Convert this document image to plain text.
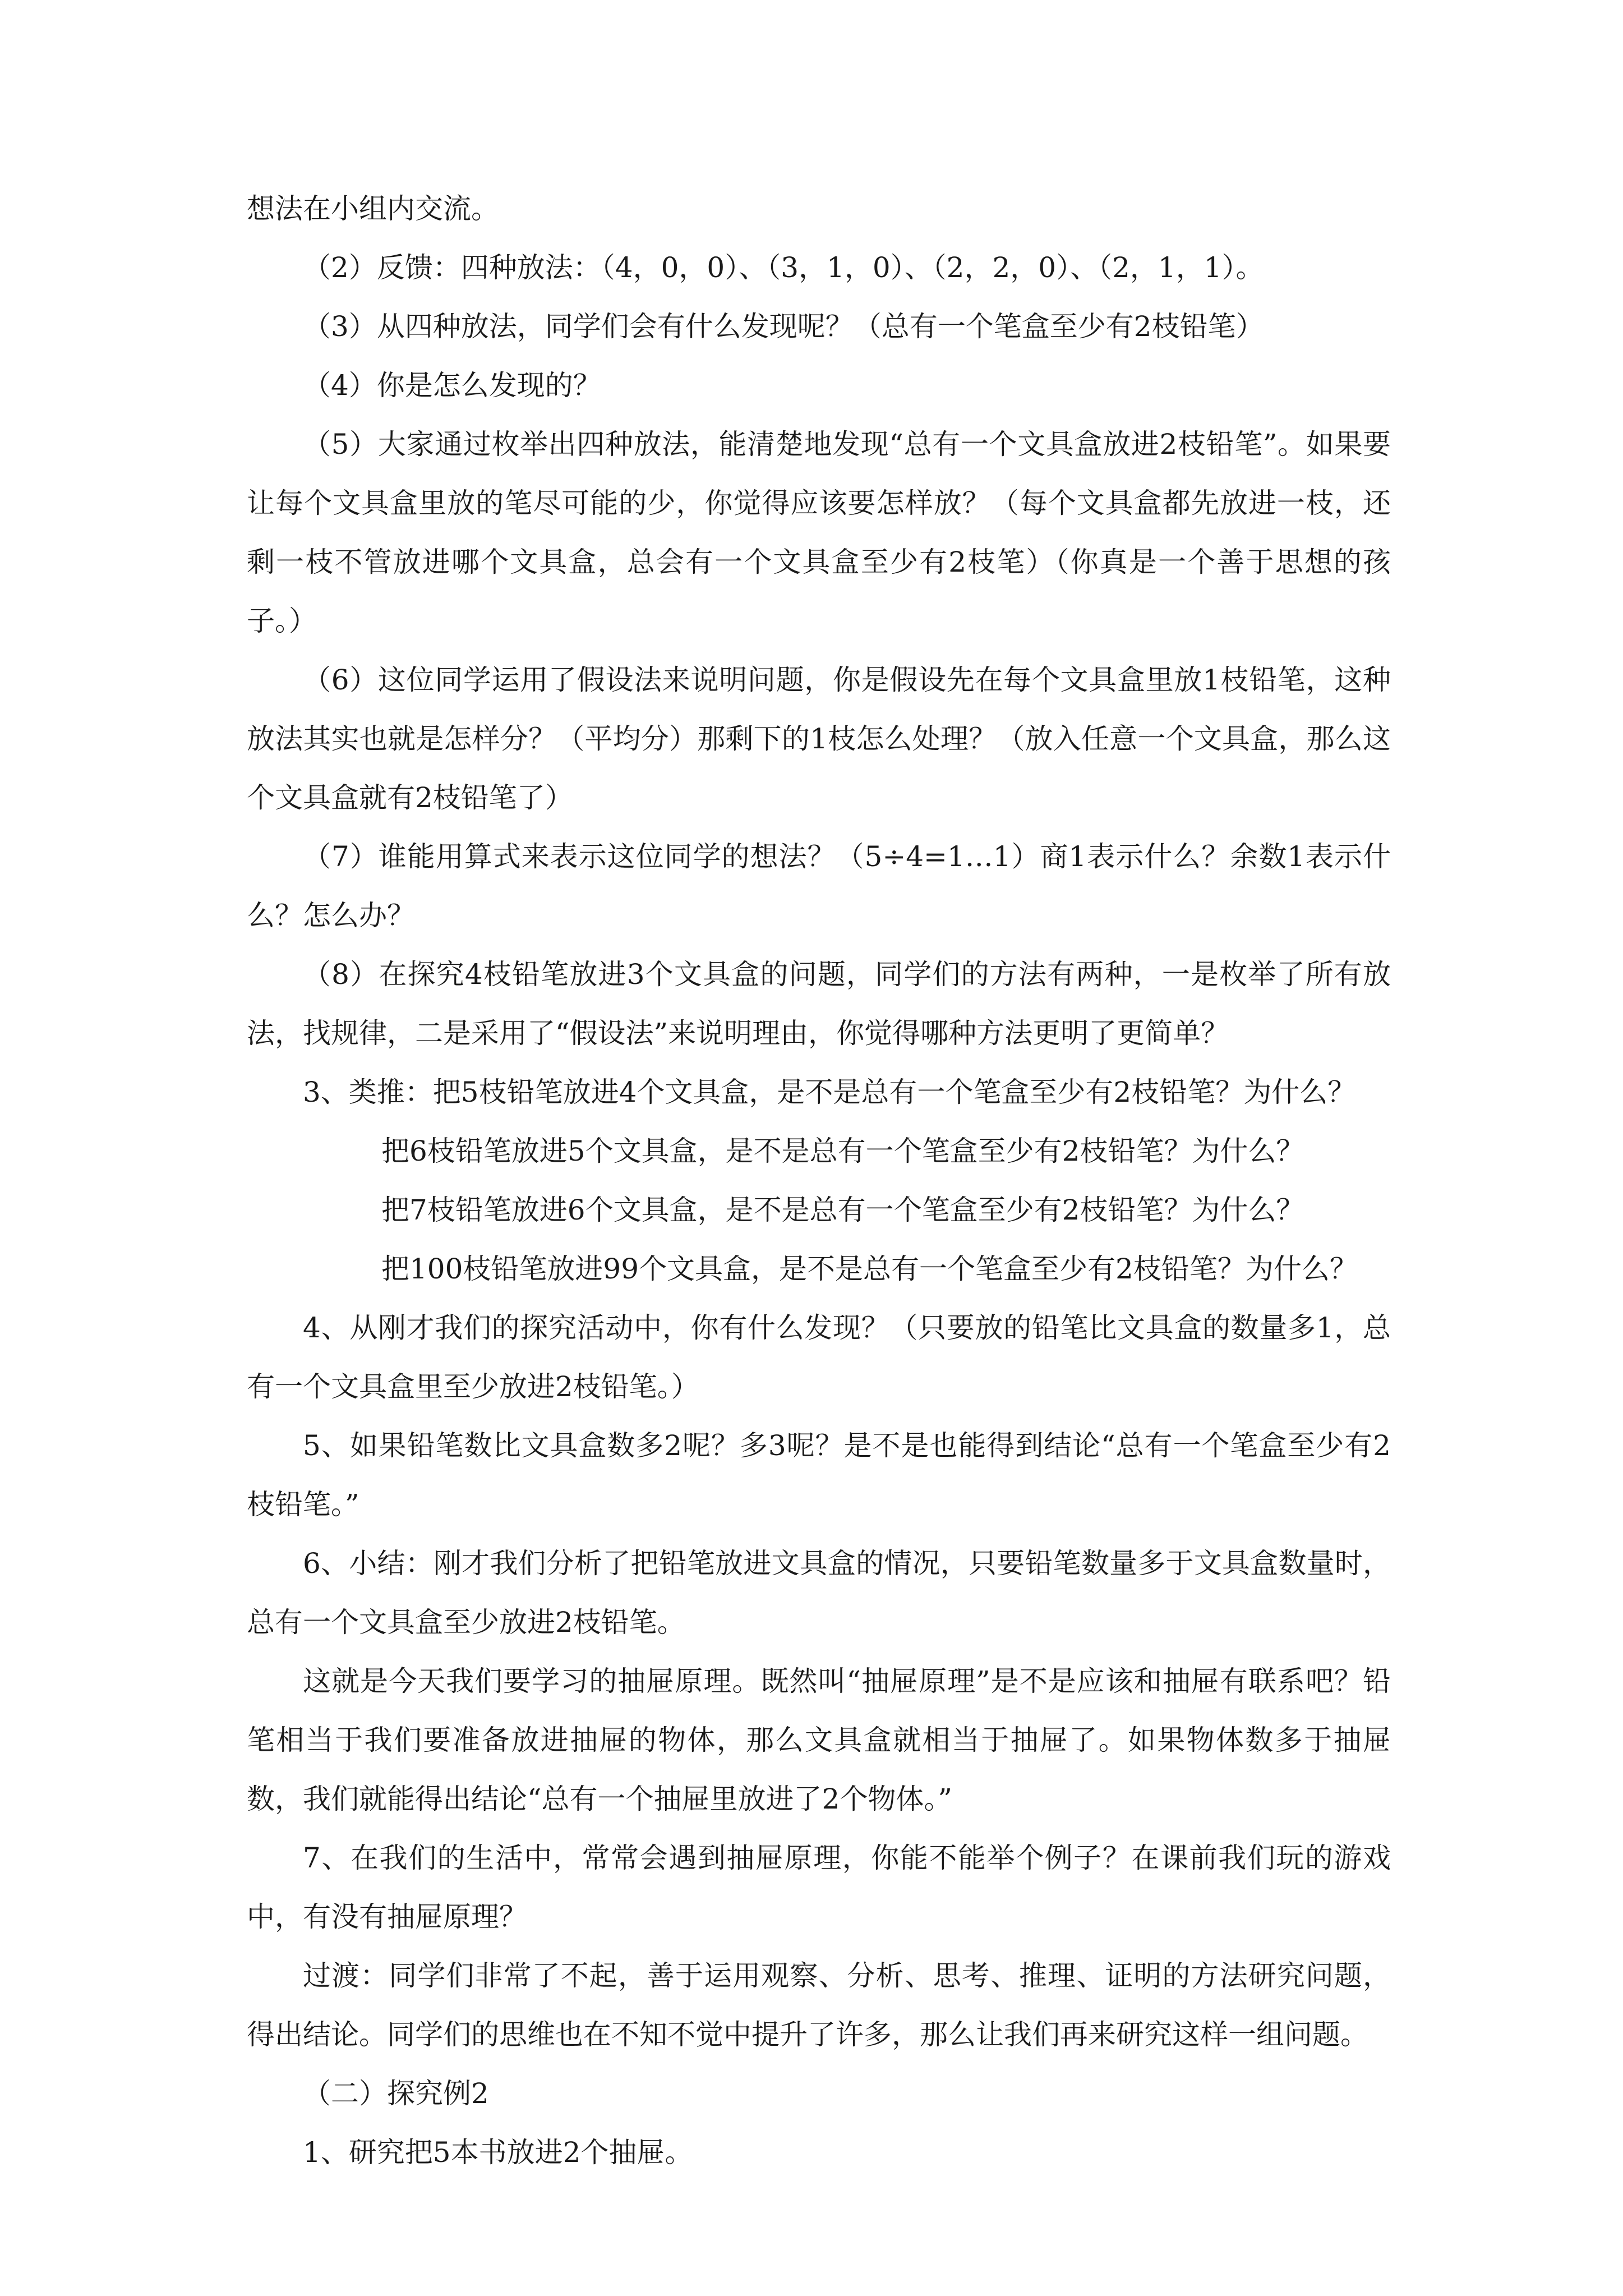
想法在小组内交流。

（2）反馈：四种放法：（4，0，0）、（3，1，0）、（2，2，0）、（2，1，1）。

（3）从四种放法，同学们会有什么发现呢？（总有一个笔盒至少有2枝铅笔）

（4）你是怎么发现的？

（5）大家通过枚举出四种放法，能清楚地发现“总有一个文具盒放进2枝铅笔”。如果要让每个文具盒里放的笔尽可能的少，你觉得应该要怎样放？（每个文具盒都先放进一枝，还剩一枝不管放进哪个文具盒，总会有一个文具盒至少有2枝笔）（你真是一个善于思想的孩子。）

（6）这位同学运用了假设法来说明问题，你是假设先在每个文具盒里放1枝铅笔，这种放法其实也就是怎样分？（平均分）那剩下的1枝怎么处理？（放入任意一个文具盒，那么这个文具盒就有2枝铅笔了）

（7）谁能用算式来表示这位同学的想法？（5÷4=1…1）商1表示什么？余数1表示什么？怎么办？

（8）在探究4枝铅笔放进3个文具盒的问题，同学们的方法有两种，一是枚举了所有放法，找规律，二是采用了“假设法”来说明理由，你觉得哪种方法更明了更简单？

3、类推：把5枝铅笔放进4个文具盒，是不是总有一个笔盒至少有2枝铅笔？为什么？

把6枝铅笔放进5个文具盒，是不是总有一个笔盒至少有2枝铅笔？为什么？

把7枝铅笔放进6个文具盒，是不是总有一个笔盒至少有2枝铅笔？为什么？

把100枝铅笔放进99个文具盒，是不是总有一个笔盒至少有2枝铅笔？为什么？

4、从刚才我们的探究活动中，你有什么发现？（只要放的铅笔比文具盒的数量多1，总有一个文具盒里至少放进2枝铅笔。）

5、如果铅笔数比文具盒数多2呢？多3呢？是不是也能得到结论“总有一个笔盒至少有2枝铅笔。”

6、小结：刚才我们分析了把铅笔放进文具盒的情况，只要铅笔数量多于文具盒数量时，总有一个文具盒至少放进2枝铅笔。

这就是今天我们要学习的抽屉原理。既然叫“抽屉原理”是不是应该和抽屉有联系吧？铅笔相当于我们要准备放进抽屉的物体，那么文具盒就相当于抽屉了。如果物体数多于抽屉数，我们就能得出结论“总有一个抽屉里放进了2个物体。”

7、在我们的生活中，常常会遇到抽屉原理，你能不能举个例子？在课前我们玩的游戏中，有没有抽屉原理？

过渡：同学们非常了不起，善于运用观察、分析、思考、推理、证明的方法研究问题，得出结论。同学们的思维也在不知不觉中提升了许多，那么让我们再来研究这样一组问题。

（二）探究例2

1、研究把5本书放进2个抽屉。
